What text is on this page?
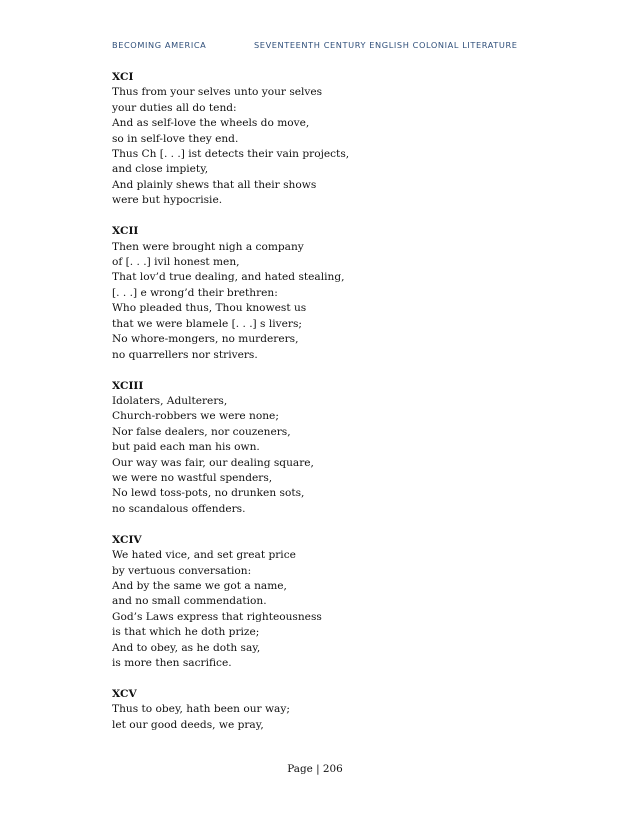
BECOMING AMERICA	SEVENTEENTH CENTURY ENGLISH COLONIAL LITERATURE
XCI
Thus from your selves unto your selves
your duties all do tend:
And as self-love the wheels do move,
so in self-love they end.
Thus Ch [. . .] ist detects their vain projects,
and close impiety,
And plainly shews that all their shows
were but hypocrisie.
XCII
Then were brought nigh a company
of [. . .] ivil honest men,
That lov’d true dealing, and hated stealing,
[. . .] e wrong’d their brethren:
Who pleaded thus, Thou knowest us
that we were blamele [. . .] s livers;
No whore-mongers, no murderers,
no quarrellers nor strivers.
XCIII
Idolaters, Adulterers,
Church-robbers we were none;
Nor false dealers, nor couzeners,
but paid each man his own.
Our way was fair, our dealing square,
we were no wastful spenders,
No lewd toss-pots, no drunken sots,
no scandalous offenders.
XCIV
We hated vice, and set great price
by vertuous conversation:
And by the same we got a name,
and no small commendation.
God’s Laws express that righteousness
is that which he doth prize;
And to obey, as he doth say,
is more then sacrifice.
XCV
Thus to obey, hath been our way;
let our good deeds, we pray,
Page | 206
